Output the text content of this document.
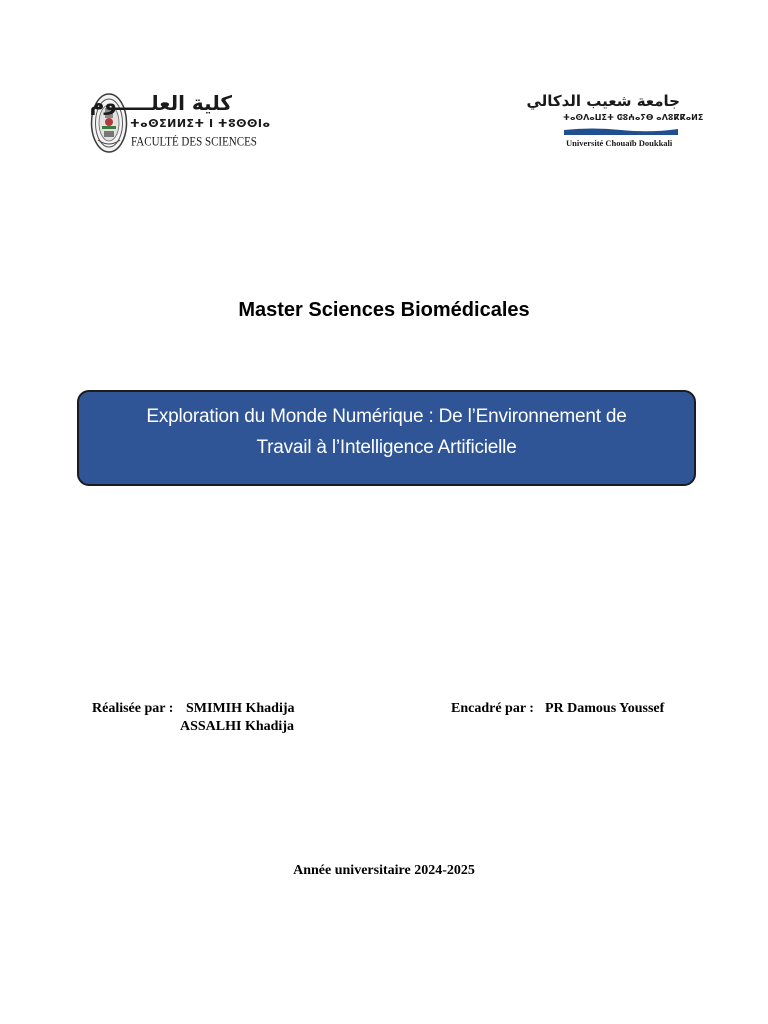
كلية العلـــــوم
ⵜⴰⵙⵉⵍⵍⵉⵜ ⵏ ⵜⵓⵙⵙⵏⴰ
FACULTÉ DES SCIENCES
جامعة شعيب الدكالي
ⵜⴰⵙⴷⴰⵡⵉⵜ ⵛⵓⵄⴰⵢⴱ ⴰⴷⵓⴽⴽⴰⵍⵉ
Université Chouaïb Doukkali
Master Sciences Biomédicales
Exploration du Monde Numérique : De l’Environnement de
Travail à l’Intelligence Artificielle
Réalisée par : SMIMIH Khadija
ASSALHI Khadija
Encadré par : PR Damous Youssef
Année universitaire 2024-2025
